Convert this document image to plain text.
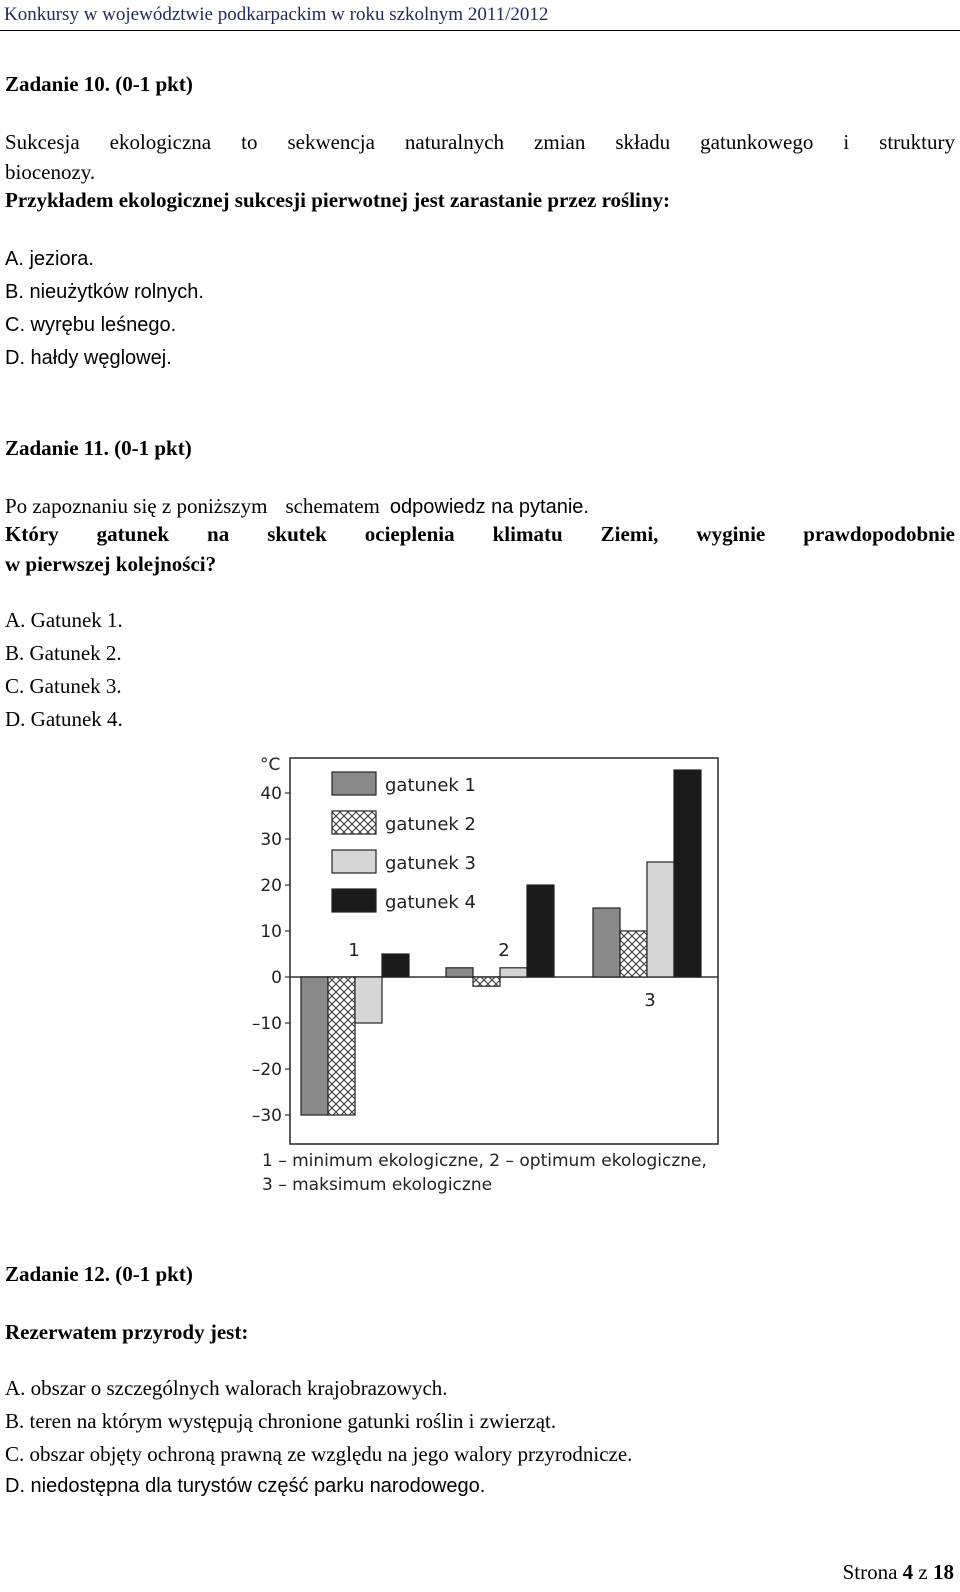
Konkursy w województwie podkarpackim w roku szkolnym 2011/2012
Zadanie 10. (0-1 pkt)
Sukcesja ekologiczna to sekwencja naturalnych zmian składu gatunkowego i struktury
biocenozy.
Przykładem ekologicznej sukcesji pierwotnej jest zarastanie przez rośliny:
A. jeziora.
B. nieużytków rolnych.
C. wyrębu leśnego.
D. hałdy węglowej.
Zadanie 11. (0-1 pkt)
Po zapoznaniu się z poniższym schematem odpowiedz na pytanie.
Który gatunek na skutek ocieplenia klimatu Ziemi, wyginie prawdopodobnie
w pierwszej kolejności?
A. Gatunek 1.
B. Gatunek 2.
C. Gatunek 3.
D. Gatunek 4.
°C
40
30
20
10
0
–10
–20
–30
1	2
3
gatunek 1
gatunek 2
gatunek 3
gatunek 4
1 – minimum ekologiczne, 2 – optimum ekologiczne,
3 – maksimum ekologiczne
Zadanie 12. (0-1 pkt)
Rezerwatem przyrody jest:
A. obszar o szczególnych walorach krajobrazowych.
B. teren na którym występują chronione gatunki roślin i zwierząt.
C. obszar objęty ochroną prawną ze względu na jego walory przyrodnicze.
D. niedostępna dla turystów część parku narodowego.
Strona 4 z 18
